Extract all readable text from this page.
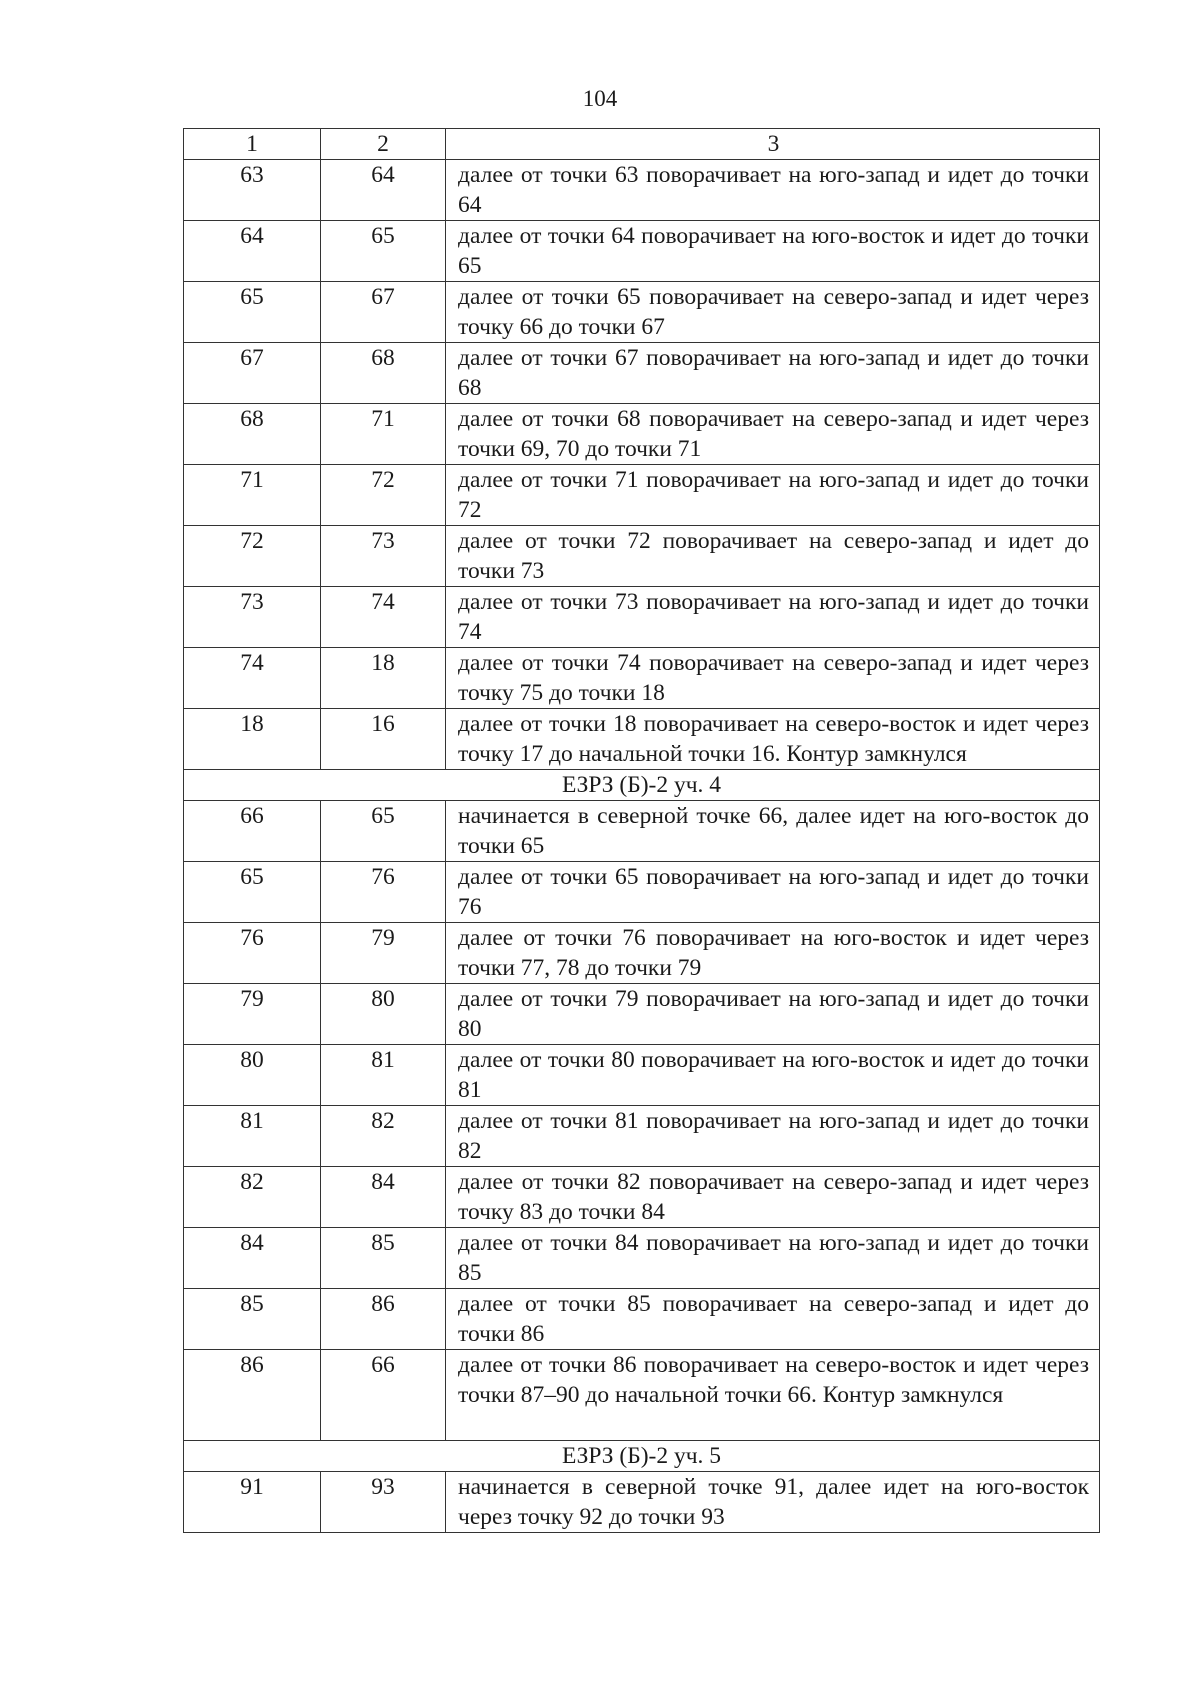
104
1	2	3
63	64	далее от точки 63 поворачивает на юго-запад и идет до точки 64
64	65	далее от точки 64 поворачивает на юго-восток и идет до точки 65
65	67	далее от точки 65 поворачивает на северо-запад и идет через точку 66 до точки 67
67	68	далее от точки 67 поворачивает на юго-запад и идет до точки 68
68	71	далее от точки 68 поворачивает на северо-запад и идет через точки 69, 70 до точки 71
71	72	далее от точки 71 поворачивает на юго-запад и идет до точки 72
72	73	далее от точки 72 поворачивает на северо-запад и идет до точки 73
73	74	далее от точки 73 поворачивает на юго-запад и идет до точки 74
74	18	далее от точки 74 поворачивает на северо-запад и идет через точку 75 до точки 18
18	16	далее от точки 18 поворачивает на северо-восток и идет через точку 17 до начальной точки 16. Контур замкнулся
ЕЗРЗ (Б)-2 уч. 4		
66	65	начинается в северной точке 66, далее идет на юго-восток до точки 65
65	76	далее от точки 65 поворачивает на юго-запад и идет до точки 76
76	79	далее от точки 76 поворачивает на юго-восток и идет через точки 77, 78 до точки 79
79	80	далее от точки 79 поворачивает на юго-запад и идет до точки 80
80	81	далее от точки 80 поворачивает на юго-восток и идет до точки 81
81	82	далее от точки 81 поворачивает на юго-запад и идет до точки 82
82	84	далее от точки 82 поворачивает на северо-запад и идет через точку 83 до точки 84
84	85	далее от точки 84 поворачивает на юго-запад и идет до точки 85
85	86	далее от точки 85 поворачивает на северо-запад и идет до точки 86
86	66	далее от точки 86 поворачивает на северо-восток и идет через точки 87–90 до начальной точки 66. Контур замкнулся
ЕЗРЗ (Б)-2 уч. 5		
91	93	начинается в северной точке 91, далее идет на юго-восток через точку 92 до точки 93
